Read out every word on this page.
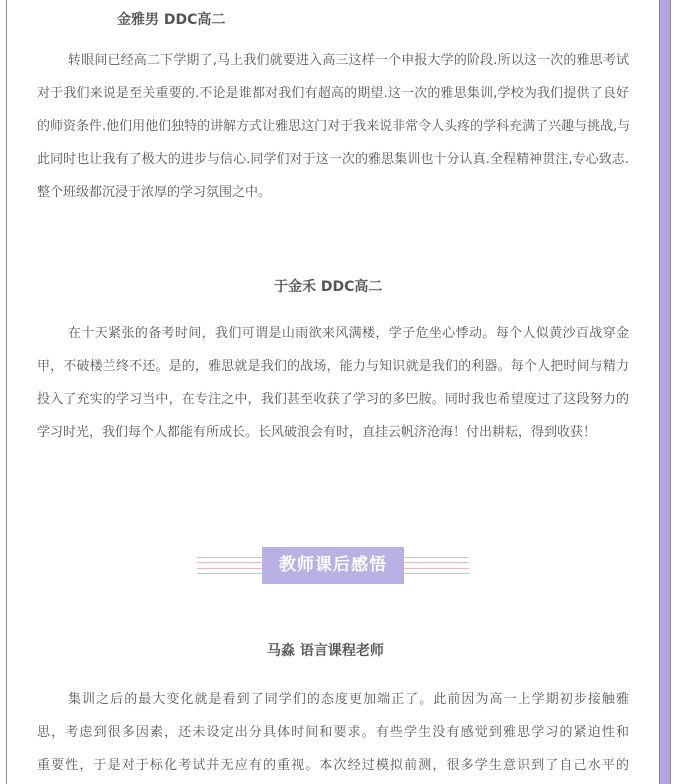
金雅男 DDC高二
转眼间已经高二下学期了,马上我们就要进入高三这样一个申报大学的阶段.所以这一次的雅思考试
对于我们来说是至关重要的.不论是谁都对我们有超高的期望.这一次的雅思集训,学校为我们提供了良好
的师资条件.他们用他们独特的讲解方式让雅思这门对于我来说非常令人头疼的学科充满了兴趣与挑战,与
此同时也让我有了极大的进步与信心.同学们对于这一次的雅思集训也十分认真.全程精神贯注,专心致志.
整个班级都沉浸于浓厚的学习氛围之中。
于金禾 DDC高二
在十天紧张的备考时间，我们可谓是山雨欲来风满楼，学子危坐心悸动。每个人似黄沙百战穿金
甲，不破楼兰终不还。是的，雅思就是我们的战场，能力与知识就是我们的利器。每个人把时间与精力
投入了充实的学习当中，在专注之中，我们甚至收获了学习的多巴胺。同时我也希望度过了这段努力的
学习时光，我们每个人都能有所成长。长风破浪会有时，直挂云帆济沧海！付出耕耘，得到收获！
教师课后感悟
马淼 语言课程老师
集训之后的最大变化就是看到了同学们的态度更加端正了。此前因为高一上学期初步接触雅
思，考虑到很多因素，还未设定出分具体时间和要求。有些学生没有感觉到雅思学习的紧迫性和
重要性，于是对于标化考试并无应有的重视。本次经过模拟前测，很多学生意识到了自己水平的
